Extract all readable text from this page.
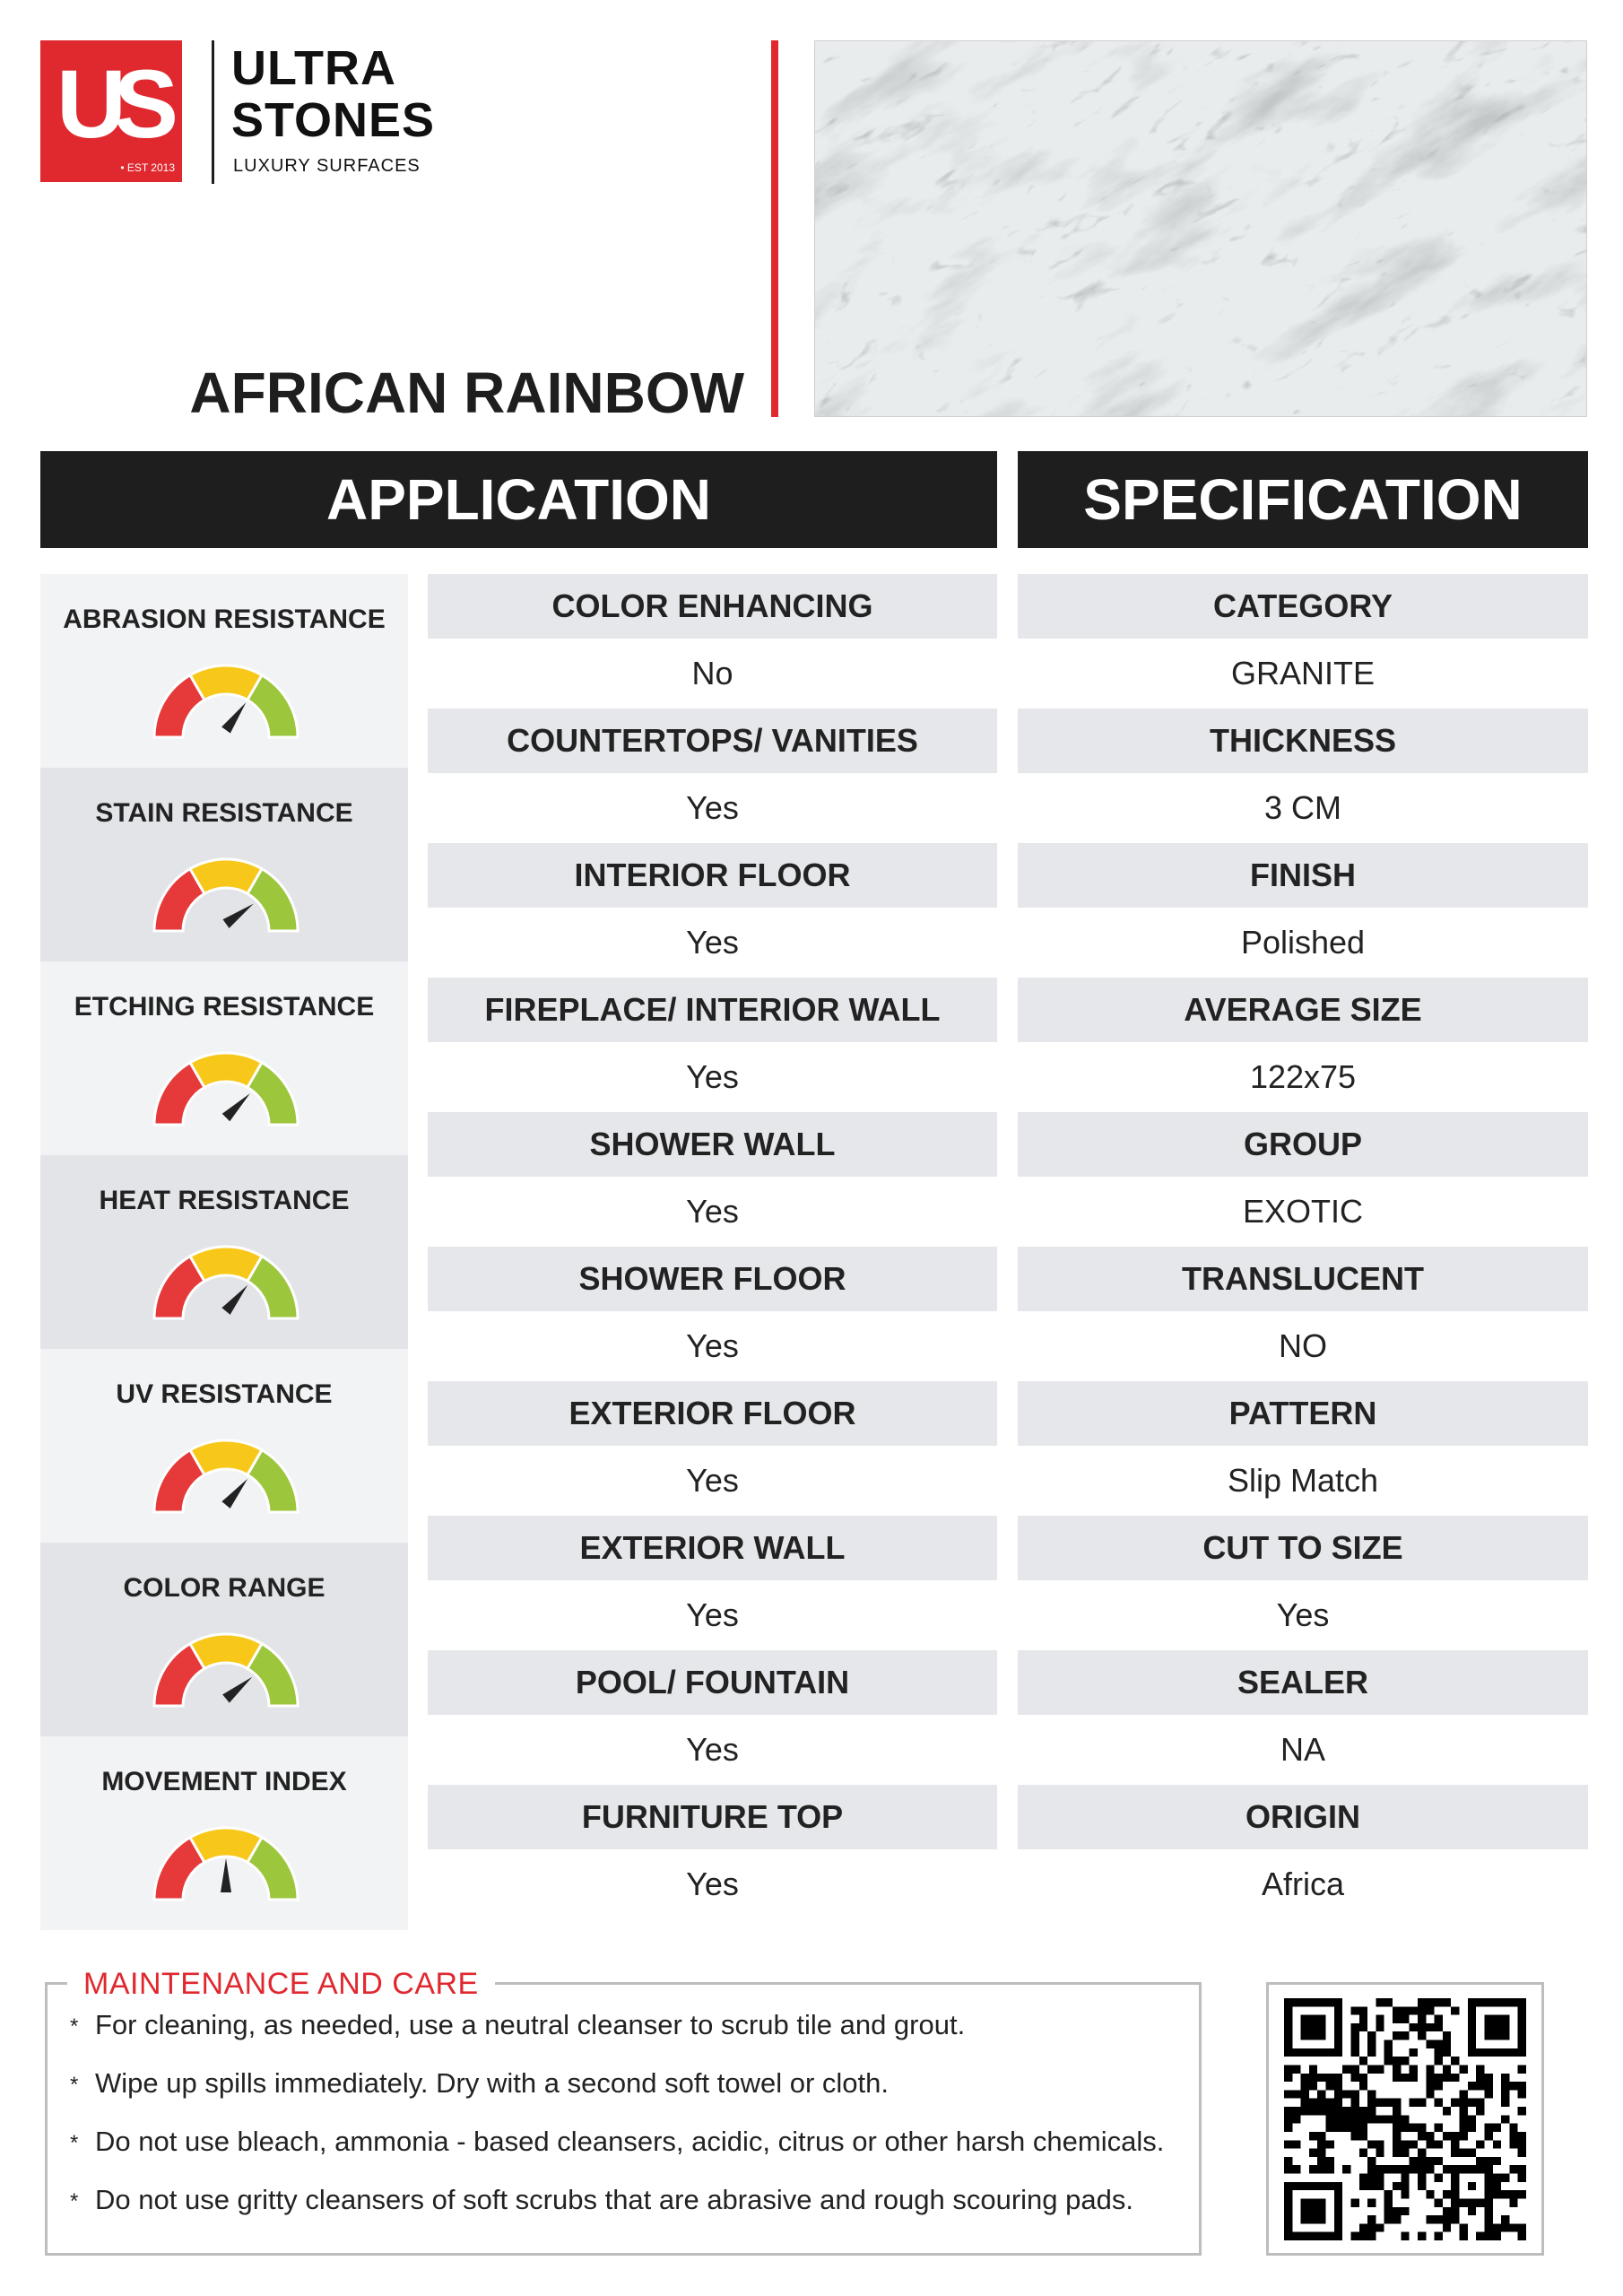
US
• EST 2013
ULTRA
STONES
LUXURY SURFACES
AFRICAN RAINBOW
APPLICATION	SPECIFICATION
ABRASION RESISTANCE
STAIN RESISTANCE
ETCHING RESISTANCE
HEAT RESISTANCE
UV RESISTANCE
COLOR RANGE
MOVEMENT INDEX
COLOR ENHANCING
No
COUNTERTOPS/ VANITIES
Yes
INTERIOR FLOOR
Yes
FIREPLACE/ INTERIOR WALL
Yes
SHOWER WALL
Yes
SHOWER FLOOR
Yes
EXTERIOR FLOOR
Yes
EXTERIOR WALL
Yes
POOL/ FOUNTAIN
Yes
FURNITURE TOP
Yes
CATEGORY
GRANITE
THICKNESS
3 CM
FINISH
Polished
AVERAGE SIZE
122x75
GROUP
EXOTIC
TRANSLUCENT
NO
PATTERN
Slip Match
CUT TO SIZE
Yes
SEALER
NA
ORIGIN
Africa
MAINTENANCE AND CARE
* For cleaning, as needed, use a neutral cleanser to scrub tile and grout.
* Wipe up spills immediately. Dry with a second soft towel or cloth.
* Do not use bleach, ammonia - based cleansers, acidic, citrus or other harsh chemicals.
* Do not use gritty cleansers of soft scrubs that are abrasive and rough scouring pads.
